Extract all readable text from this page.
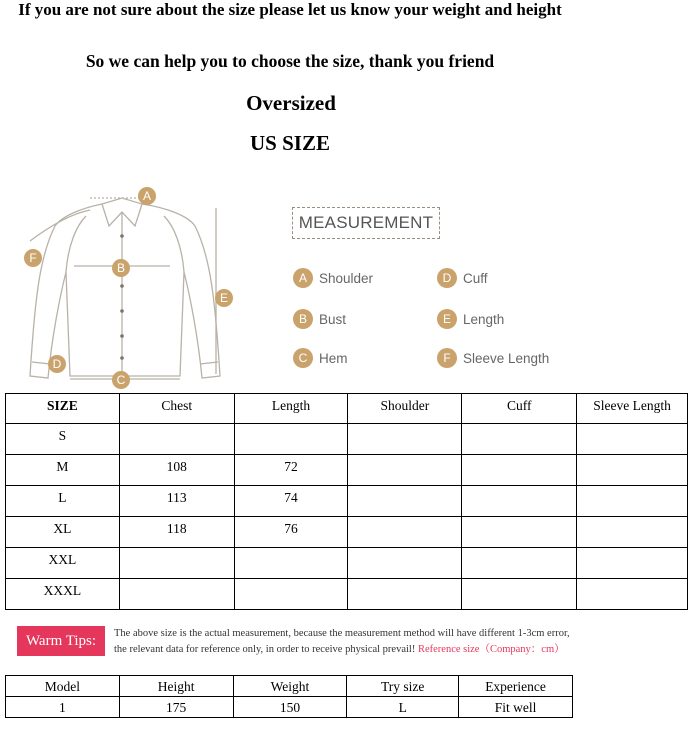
If you are not sure about the size please let us know your weight and height
So we can help you to choose the size, thank you friend
Oversized
US SIZE
A
B
C
D
E
F
MEASUREMENT
A Shoulder
B Bust
C Hem
D Cuff
E Length
F Sleeve Length
SIZE	Chest	Length	Shoulder	Cuff	Sleeve Length
S					
M	108	72			
L	113	74			
XL	118	76			
XXL					
XXXL					
Warm Tips:	The above size is the actual measurement, because the measurement method will have different 1-3cm error,
the relevant data for reference only, in order to receive physical prevail! Reference size（Company：cm）
Model	Height	Weight	Try size	Experience
1	175	150	L	Fit well
